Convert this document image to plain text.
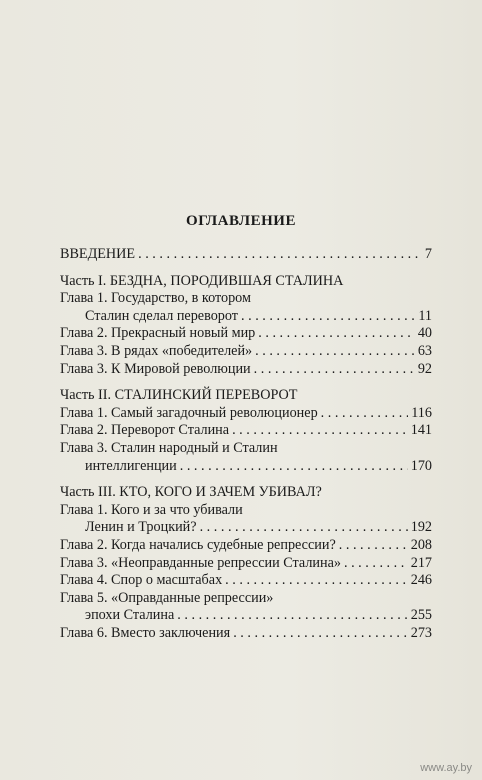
ОГЛАВЛЕНИЕ
ВВЕДЕНИЕ . . .	7
Часть I. БЕЗДНА, ПОРОДИВШАЯ СТАЛИНА
Глава 1. Государство, в котором
Сталин сделал переворот . . .	11
Глава 2. Прекрасный новый мир . . .	40
Глава 3. В рядах «победителей» . . .	63
Глава 3. К Мировой революции . . .	92
Часть II. СТАЛИНСКИЙ ПЕРЕВОРОТ
Глава 1. Самый загадочный революционер . . .	116
Глава 2. Переворот Сталина . . .	141
Глава 3. Сталин народный и Сталин
интеллигенции . . .	170
Часть III. КТО, КОГО И ЗАЧЕМ УБИВАЛ?
Глава 1. Кого и за что убивали
Ленин и Троцкий? . . .	192
Глава 2. Когда начались судебные репрессии? . . .	208
Глава 3. «Неоправданные репрессии Сталина» . . .	217
Глава 4. Спор о масштабах . . .	246
Глава 5. «Оправданные репрессии»
эпохи Сталина . . .	255
Глава 6. Вместо заключения . . .	273
www.ay.by
